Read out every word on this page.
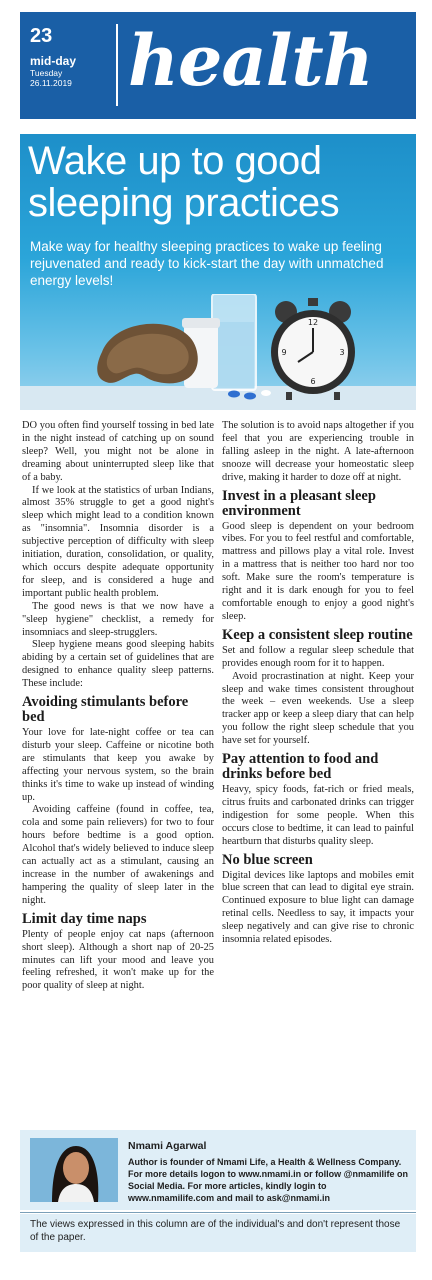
23
mid-day
Tuesday
26.11.2019 health
Wake up to good sleeping practices
Make way for healthy sleeping practices to wake up feeling rejuvenated and ready to kick-start the day with unmatched energy levels!
12
3
6
9

DO you often find yourself tossing in bed late in the night instead of catching up on sound sleep? Well, you might not be alone in dreaming about uninterrupted sleep like that of a baby.

If we look at the statistics of urban Indians, almost 35% struggle to get a good night's sleep which might lead to a condition known as "insomnia". Insomnia disorder is a subjective perception of difficulty with sleep initiation, duration, consolidation, or quality, which occurs despite adequate opportunity for sleep, and is considered a huge and important public health problem.

The good news is that we now have a "sleep hygiene" checklist, a remedy for insomniacs and sleep-strugglers.

Sleep hygiene means good sleeping habits abiding by a certain set of guidelines that are designed to enhance quality sleep patterns. These include:

Avoiding stimulants before bed

Your love for late-night coffee or tea can disturb your sleep. Caffeine or nicotine both are stimulants that keep you awake by affecting your nervous system, so the brain thinks it's time to wake up instead of winding up.

Avoiding caffeine (found in coffee, tea, cola and some pain relievers) for two to four hours before bedtime is a good option. Alcohol that's widely believed to induce sleep can actually act as a stimulant, causing an increase in the number of awakenings and hampering the quality of sleep later in the night.

Limit day time naps

Plenty of people enjoy cat naps (afternoon short sleep). Although a short nap of 20-25 minutes can lift your mood and leave you feeling refreshed, it won't make up for the poor quality of sleep at night.

The solution is to avoid naps altogether if you feel that you are experiencing trouble in falling asleep in the night. A late-afternoon snooze will decrease your homeostatic sleep drive, making it harder to doze off at night.

Invest in a pleasant sleep environment

Good sleep is dependent on your bedroom vibes. For you to feel restful and comfortable, mattress and pillows play a vital role. Invest in a mattress that is neither too hard nor too soft. Make sure the room's temperature is right and it is dark enough for you to feel comfortable enough to enjoy a good night's sleep.

Keep a consistent sleep routine

Set and follow a regular sleep schedule that provides enough room for it to happen.

Avoid procrastination at night. Keep your sleep and wake times consistent throughout the week – even weekends. Use a sleep tracker app or keep a sleep diary that can help you follow the right sleep schedule that you have set for yourself.

Pay attention to food and drinks before bed

Heavy, spicy foods, fat-rich or fried meals, citrus fruits and carbonated drinks can trigger indigestion for some people. When this occurs close to bedtime, it can lead to painful heartburn that disturbs quality sleep.

No blue screen

Digital devices like laptops and mobiles emit blue screen that can lead to digital eye strain. Continued exposure to blue light can damage retinal cells. Needless to say, it impacts your sleep negatively and can give rise to chronic insomnia related episodes.

Nmami Agarwal
Author is founder of Nmami Life, a Health & Wellness Company. For more details logon to www.nmami.in or follow @nmamilife on Social Media. For more articles, kindly login to www.nmamilife.com and mail to ask@nmami.in
The views expressed in this column are of the individual's and don't represent those of the paper.
